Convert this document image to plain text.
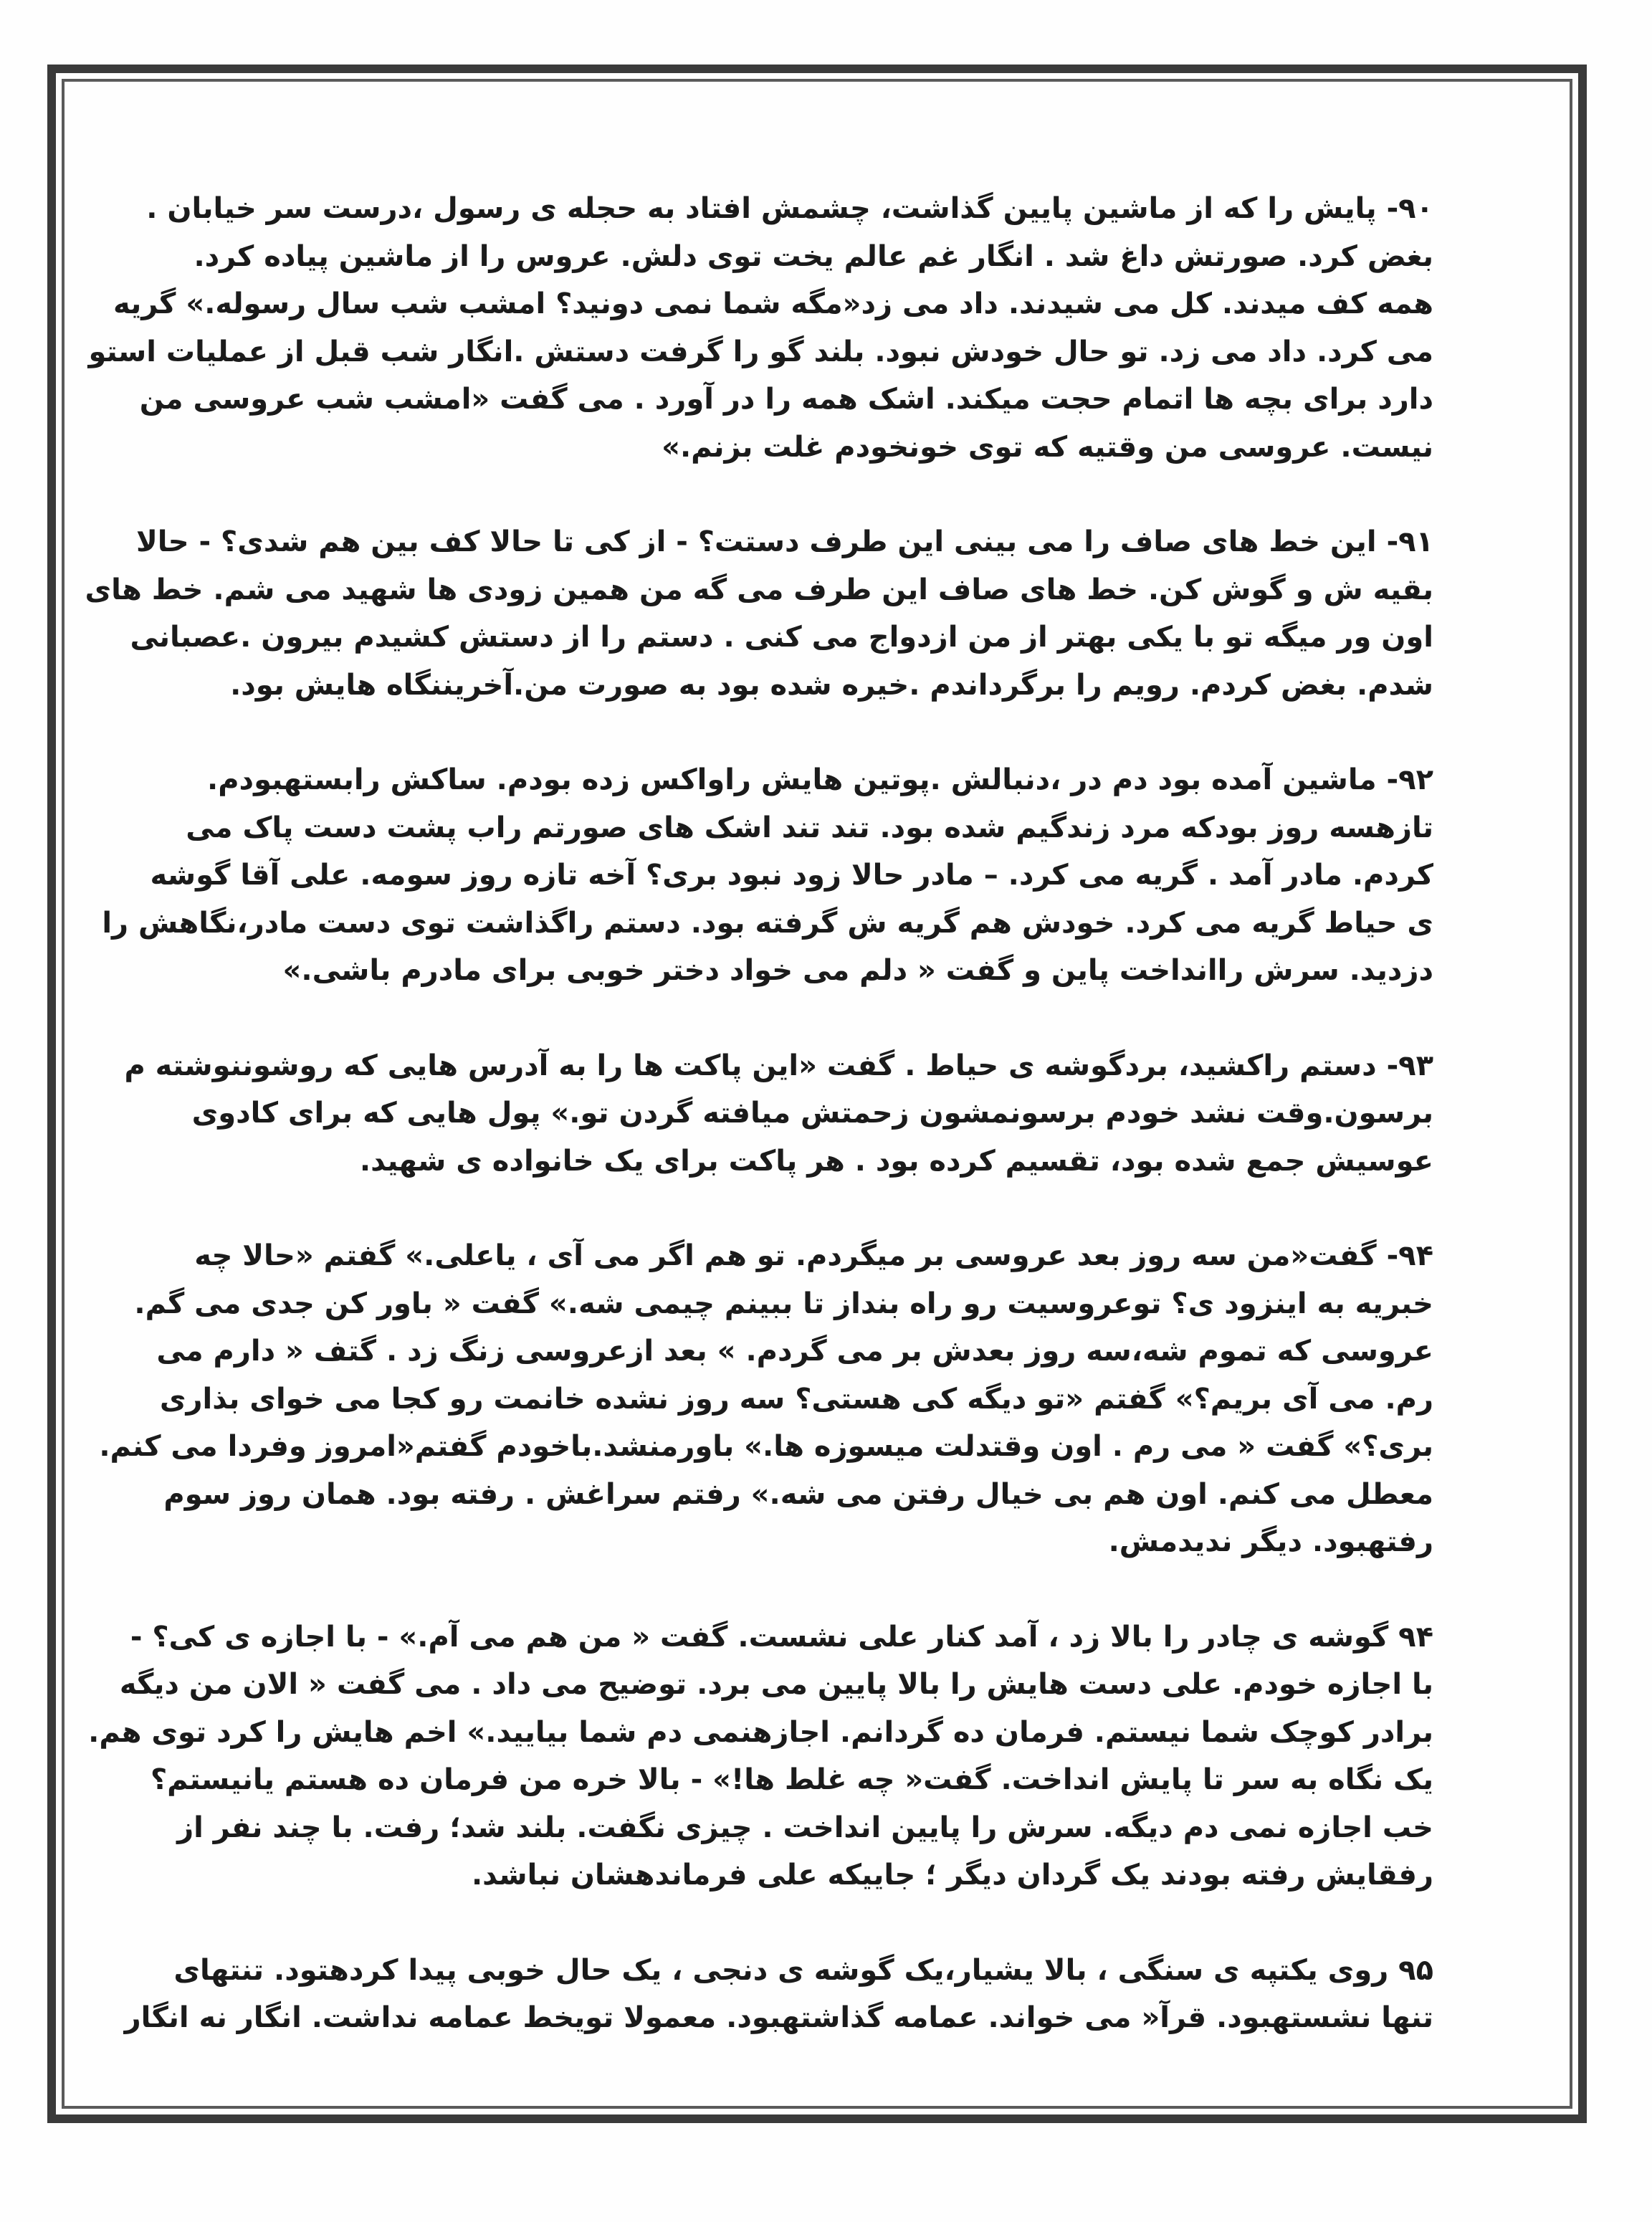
۹۰- پایش را که از ماشین پایین گذاشت، چشمش افتاد به حجله ی رسول ،درست سر خیابان .
بغض کرد. صورتش داغ شد . انگار غم عالم یخت توی دلش. عروس را از ماشین پیاده کرد.
همه کف میدند. کل می شیدند. داد می زد«مگه شما نمی دونید؟ امشب شب سال رسوله.» گریه
می کرد. داد می زد. تو حال خودش نبود. بلند گو را گرفت دستش .انگار شب قبل از عملیات استو
دارد برای بچه ها اتمام حجت میکند. اشک همه را در آورد . می گفت «امشب شب عروسی من
نیست. عروسی من وقتیه که توی خونخودم غلت بزنم.»
۹۱- این خط های صاف را می بینی این طرف دستت؟ - از کی تا حالا کف بین هم شدی؟ - حالا
بقیه ش و گوش کن. خط های صاف این طرف می گه من همین زودی ها شهید می شم. خط های
اون ور میگه تو با یکی بهتر از من ازدواج می کنی . دستم را از دستش کشیدم بیرون .عصبانی
شدم. بغض کردم. رویم را برگرداندم .خیره شده بود به صورت من.آخریننگاه هایش بود.
۹۲- ماشین آمده بود دم در ،دنبالش .پوتین هایش راواکس زده بودم. ساکش رابستهبودم.
تازهسه روز بودکه مرد زندگیم شده بود. تند تند اشک های صورتم راب پشت دست پاک می
کردم. مادر آمد . گریه می کرد. – مادر حالا زود نبود بری؟ آخه تازه روز سومه. علی آقا گوشه
ی حیاط گریه می کرد. خودش هم گریه ش گرفته بود. دستم راگذاشت توی دست مادر،نگاهش را
دزدید. سرش راانداخت پاین و گفت « دلم می خواد دختر خوبی برای مادرم باشی.»
۹۳- دستم راکشید، بردگوشه ی حیاط . گفت «این پاکت ها را به آدرس هایی که روشوننوشته م
برسون.وقت نشد خودم برسونمشون زحمتش میافته گردن تو.» پول هایی که برای کادوی
عوسیش جمع شده بود، تقسیم کرده بود . هر پاکت برای یک خانواده ی شهید.
۹۴- گفت«من سه روز بعد عروسی بر میگردم. تو هم اگر می آی ، یاعلی.» گفتم «حالا چه
خبریه به اینزود ی؟ توعروسیت رو راه بنداز تا ببینم چیمی شه.» گفت « باور کن جدی می گم.
عروسی که تموم شه،سه روز بعدش بر می گردم. » بعد ازعروسی زنگ زد . گتف « دارم می
رم. می آی بریم؟» گفتم «تو دیگه کی هستی؟ سه روز نشده خانمت رو کجا می خوای بذاری
بری؟» گفت « می رم . اون وقتدلت میسوزه ها.» باورمنشد.باخودم گفتم«امروز وفردا می کنم.
معطل می کنم. اون هم بی خیال رفتن می شه.» رفتم سراغش . رفته بود. همان روز سوم
رفتهبود. دیگر ندیدمش.
۹۴ گوشه ی چادر را بالا زد ، آمد کنار علی نشست. گفت « من هم می آم.» - با اجازه ی کی؟ -
با اجازه خودم. علی دست هایش را بالا پایین می برد. توضیح می داد . می گفت « الان من دیگه
برادر کوچک شما نیستم. فرمان ده گردانم. اجازهنمی دم شما بیایید.» اخم هایش را کرد توی هم.
یک نگاه به سر تا پایش انداخت. گفت« چه غلط ها!» - بالا خره من فرمان ده هستم یانیستم؟
خب اجازه نمی دم دیگه. سرش را پایین انداخت . چیزی نگفت. بلند شد؛ رفت. با چند نفر از
رفقایش رفته بودند یک گردان دیگر ؛ جاییکه علی فرماندهشان نباشد.
۹۵ روی یکتپه ی سنگی ، بالا یشیار،یک گوشه ی دنجی ، یک حال خوبی پیدا کردهتود. تنتهای
تنها نشستهبود. قرآ« می خواند. عمامه گذاشتهبود. معمولا تویخط عمامه نداشت. انگار نه انگار
